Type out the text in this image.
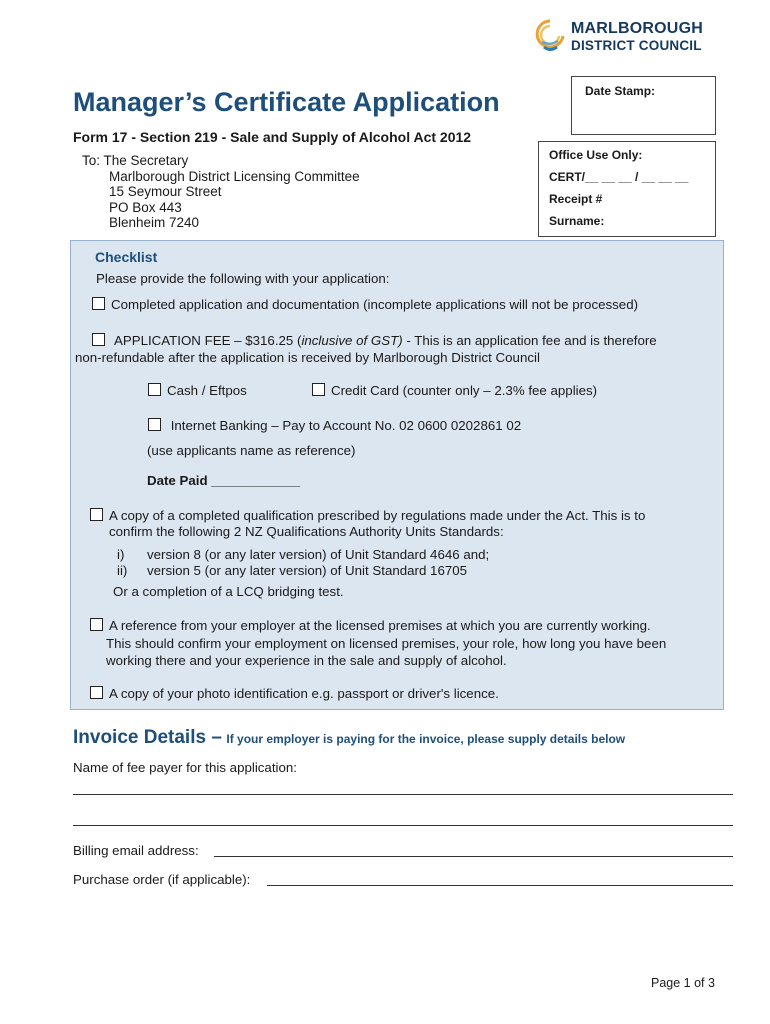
MARLBOROUGH
DISTRICT COUNCIL
Manager’s Certificate Application
Form 17 - Section 219 - Sale and Supply of Alcohol Act 2012
To: The Secretary
Marlborough District Licensing Committee
15 Seymour Street
PO Box 443
Blenheim 7240
Date Stamp:
Office Use Only:
CERT/__ __ __ / __ __ __
Receipt #
Surname:
Checklist
Please provide the following with your application:
Completed application and documentation (incomplete applications will not be processed)
APPLICATION FEE – $316.25 (inclusive of GST) - This is an application fee and is therefore
non-refundable after the application is received by Marlborough District Council
Cash / Eftpos	Credit Card (counter only – 2.3% fee applies)
Internet Banking – Pay to Account No. 02 0600 0202861 02
(use applicants name as reference)
Date Paid ____________
A copy of a completed qualification prescribed by regulations made under the Act. This is to
confirm the following 2 NZ Qualifications Authority Units Standards:
i) version 8 (or any later version) of Unit Standard 4646 and;
ii) version 5 (or any later version) of Unit Standard 16705
Or a completion of a LCQ bridging test.
A reference from your employer at the licensed premises at which you are currently working.
This should confirm your employment on licensed premises, your role, how long you have been
working there and your experience in the sale and supply of alcohol.
A copy of your photo identification e.g. passport or driver's licence.
Invoice Details – If your employer is paying for the invoice, please supply details below
Name of fee payer for this application:
Billing email address:
Purchase order (if applicable):
Page 1 of 3
